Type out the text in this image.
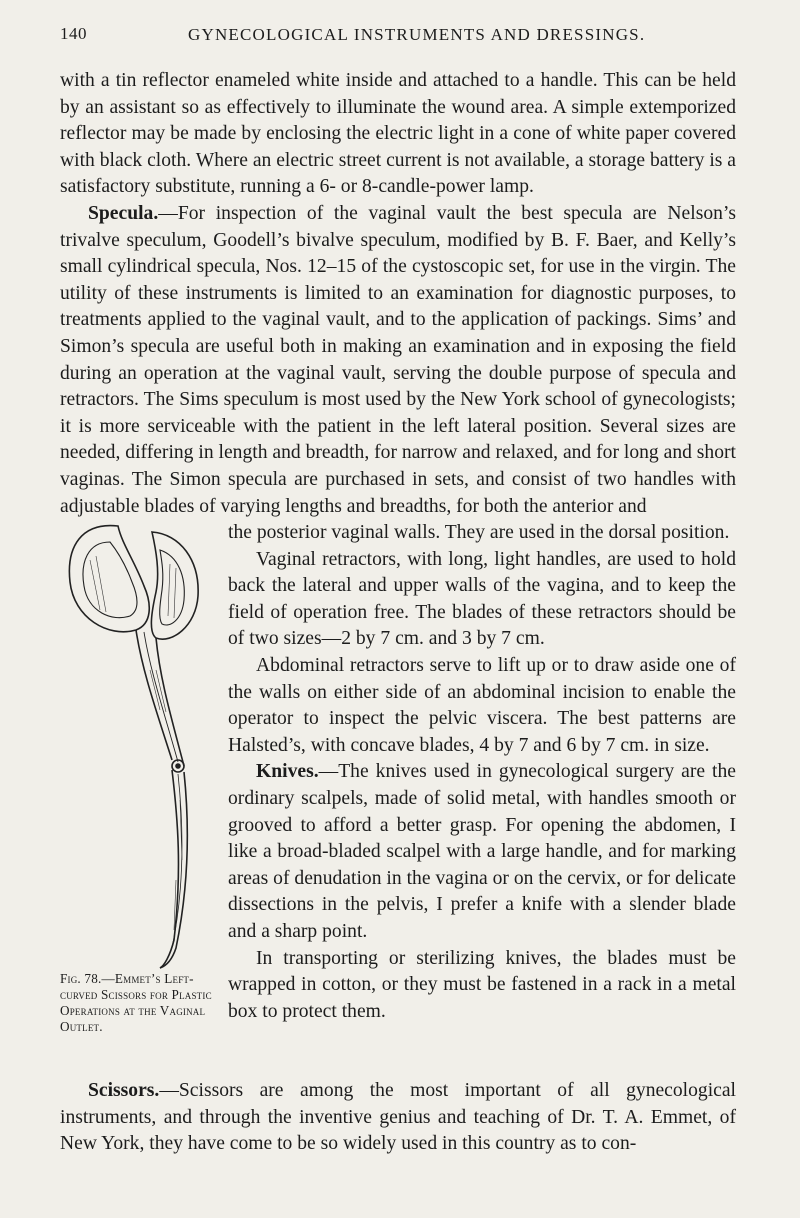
140	GYNECOLOGICAL INSTRUMENTS AND DRESSINGS.

with a tin reflector enameled white inside and attached to a handle. This can be held by an assistant so as effectively to illuminate the wound area. A simple extemporized reflector may be made by enclosing the electric light in a cone of white paper covered with black cloth. Where an electric street current is not available, a storage battery is a satisfactory substitute, running a 6- or 8-candle-power lamp.

Specula.—For inspection of the vaginal vault the best specula are Nelson’s trivalve speculum, Goodell’s bivalve speculum, modified by B. F. Baer, and Kelly’s small cylindrical specula, Nos. 12–15 of the cystoscopic set, for use in the virgin. The utility of these instruments is limited to an examination for diagnostic purposes, to treatments applied to the vaginal vault, and to the application of packings. Sims’ and Simon’s specula are useful both in making an examination and in exposing the field during an operation at the vaginal vault, serving the double purpose of specula and retractors. The Sims speculum is most used by the New York school of gynecologists; it is more serviceable with the patient in the left lateral position. Several sizes are needed, differing in length and breadth, for narrow and relaxed, and for long and short vaginas. The Simon specula are purchased in sets, and consist of two handles with adjustable blades of varying lengths and breadths, for both the anterior and

Fig. 78.—Emmet’s Left-curved Scissors for Plastic Operations at the Vaginal Outlet.

the posterior vaginal walls. They are used in the dorsal position.

Vaginal retractors, with long, light handles, are used to hold back the lateral and upper walls of the vagina, and to keep the field of operation free. The blades of these retractors should be of two sizes—2 by 7 cm. and 3 by 7 cm.

Abdominal retractors serve to lift up or to draw aside one of the walls on either side of an abdominal incision to enable the operator to inspect the pelvic viscera. The best patterns are Halsted’s, with concave blades, 4 by 7 and 6 by 7 cm. in size.

Knives.—The knives used in gynecological surgery are the ordinary scalpels, made of solid metal, with handles smooth or grooved to afford a better grasp. For opening the abdomen, I like a broad-bladed scalpel with a large handle, and for marking areas of denudation in the vagina or on the cervix, or for delicate dissections in the pelvis, I prefer a knife with a slender blade and a sharp point.

In transporting or sterilizing knives, the blades must be wrapped in cotton, or they must be fastened in a rack in a metal box to protect them.

Scissors.—Scissors are among the most important of all gynecological instruments, and through the inventive genius and teaching of Dr. T. A. Emmet, of New York, they have come to be so widely used in this country as to con-
